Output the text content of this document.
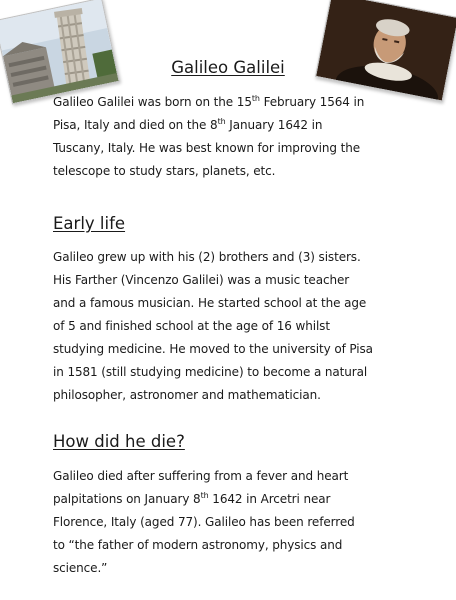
Galileo Galilei

Galileo Galilei was born on the 15th February 1564 in
Pisa, Italy and died on the 8th January 1642 in
Tuscany, Italy. He was best known for improving the
telescope to study stars, planets, etc.

Early life

Galileo grew up with his (2) brothers and (3) sisters.
His Farther (Vincenzo Galilei) was a music teacher
and a famous musician. He started school at the age
of 5 and finished school at the age of 16 whilst
studying medicine. He moved to the university of Pisa
in 1581 (still studying medicine) to become a natural
philosopher, astronomer and mathematician.

How did he die?

Galileo died after suffering from a fever and heart
palpitations on January 8th 1642 in Arcetri near
Florence, Italy (aged 77). Galileo has been referred
to “the father of modern astronomy, physics and
science.”
